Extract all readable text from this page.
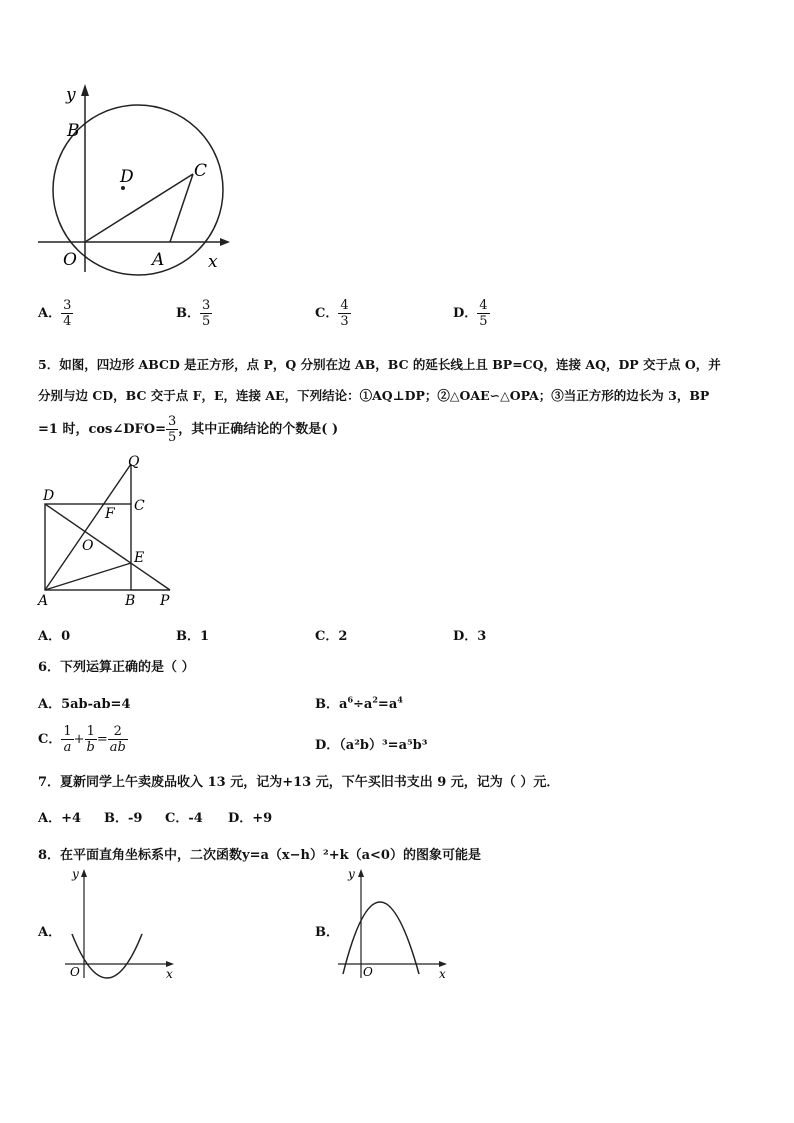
y
B
D	C
O	A	x
A． $\frac{3}{4}$	B． $\frac{3}{5}$	C． $\frac{4}{3}$	D． $\frac{4}{5}$
5．如图，四边形 ABCD 是正方形，点 P，Q 分别在边 AB，BC 的延长线上且 BP=CQ，连接 AQ，DP 交于点 O，并
分别与边 CD，BC 交于点 F，E，连接 AE，下列结论：①AQ⊥DP；②△OAE∽△OPA；③当正方形的边长为 3，BP
=1 时，cos∠DFO= $\frac{3}{5}$ ，其中正确结论的个数是( )
Q
D
C
F
O
E
A	B P
A．0	B．1	C．2	D．3
6．下列运算正确的是（ ）
A．5ab-ab=4	B．$a^6\div a^2=a^4$
C． $\frac{1}{a} + \frac{1}{b} = \frac{2}{ab}$	D．（a²b）³=a⁵b³
7．夏新同学上午卖废品收入 13 元，记为+13 元，下午买旧书支出 9 元，记为（ ）元．
A．+4 B．-9 C．-4 D．+9
8．在平面直角坐标系中，二次函数y=a（x−h）²+k（a<0）的图象可能是
A．
y
O	x
B．
y
O	x
